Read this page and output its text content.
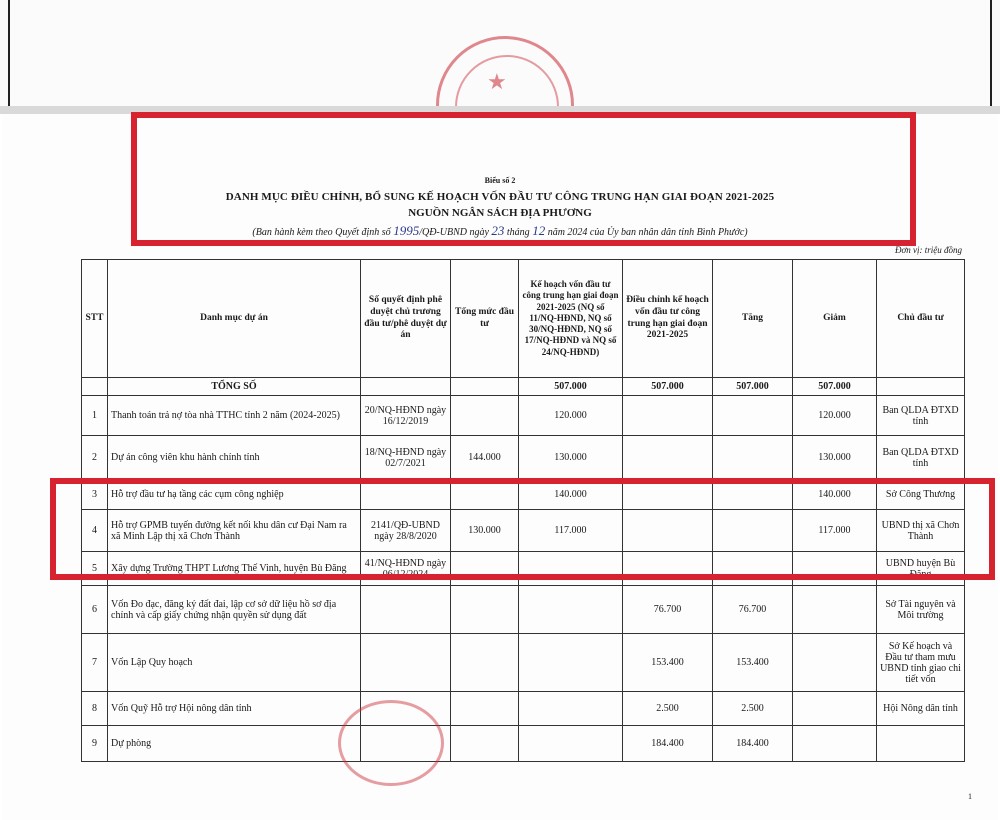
★
Biểu số 2
DANH MỤC ĐIỀU CHỈNH, BỔ SUNG KẾ HOẠCH VỐN ĐẦU TƯ CÔNG TRUNG HẠN GIAI ĐOẠN 2021-2025
NGUỒN NGÂN SÁCH ĐỊA PHƯƠNG
(Ban hành kèm theo Quyết định số 1995/QĐ-UBND ngày 23 tháng 12 năm 2024 của Ủy ban nhân dân tỉnh Bình Phước)
Đơn vị: triệu đồng
STT	Danh mục dự án	Số quyết định phê duyệt chủ trương đầu tư/phê duyệt dự án	Tổng mức đầu tư	Kế hoạch vốn đầu tư công trung hạn giai đoạn 2021-2025 (NQ số 11/NQ-HĐND, NQ số 30/NQ-HĐND, NQ số 17/NQ-HĐND và NQ số 24/NQ-HĐND)	Điều chỉnh kế hoạch vốn đầu tư công trung hạn giai đoạn 2021-2025	Tăng	Giảm	Chủ đầu tư
	TỔNG SỐ			507.000	507.000	507.000	507.000	
1	Thanh toán trả nợ tòa nhà TTHC tỉnh 2 năm (2024-2025)	20/NQ-HĐND ngày 16/12/2019		120.000			120.000	Ban QLDA ĐTXD tỉnh
2	Dự án công viên khu hành chính tỉnh	18/NQ-HĐND ngày 02/7/2021	144.000	130.000			130.000	Ban QLDA ĐTXD tỉnh
3	Hỗ trợ đầu tư hạ tầng các cụm công nghiệp			140.000			140.000	Sở Công Thương
4	Hỗ trợ GPMB tuyến đường kết nối khu dân cư Đại Nam ra xã Minh Lập thị xã Chơn Thành	2141/QĐ-UBND ngày 28/8/2020	130.000	117.000			117.000	UBND thị xã Chơn Thành
5	Xây dựng Trường THPT Lương Thế Vinh, huyện Bù Đăng	41/NQ-HĐND ngày 06/12/2024						UBND huyện Bù Đăng
6	Vốn Đo đạc, đăng ký đất đai, lập cơ sở dữ liệu hồ sơ địa chính và cấp giấy chứng nhận quyền sử dụng đất				76.700	76.700		Sở Tài nguyên và Môi trường
7	Vốn Lập Quy hoạch				153.400	153.400		Sở Kế hoạch và Đầu tư tham mưu UBND tỉnh giao chi tiết vốn
8	Vốn Quỹ Hỗ trợ Hội nông dân tỉnh				2.500	2.500		Hội Nông dân tỉnh
9	Dự phòng				184.400	184.400		
1
